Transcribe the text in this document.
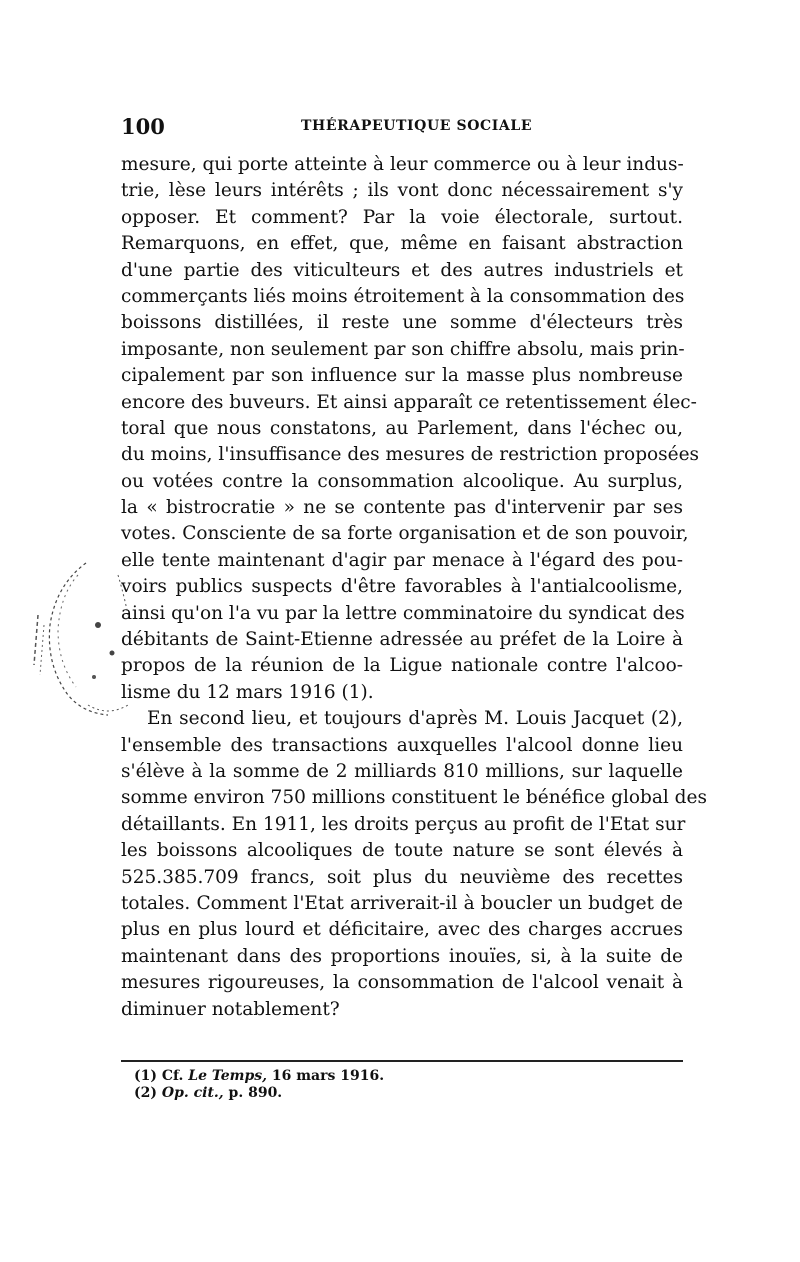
100	THÉRAPEUTIQUE SOCIALE
mesure, qui porte atteinte à leur commerce ou à leur indus-
trie, lèse leurs intérêts ; ils vont donc nécessairement s'y
opposer. Et comment? Par la voie électorale, surtout.
Remarquons, en effet, que, même en faisant abstraction
d'une partie des viticulteurs et des autres industriels et
commerçants liés moins étroitement à la consommation des
boissons distillées, il reste une somme d'électeurs très
imposante, non seulement par son chiffre absolu, mais prin-
cipalement par son influence sur la masse plus nombreuse
encore des buveurs. Et ainsi apparaît ce retentissement élec-
toral que nous constatons, au Parlement, dans l'échec ou,
du moins, l'insuffisance des mesures de restriction proposées
ou votées contre la consommation alcoolique. Au surplus,
la « bistrocratie » ne se contente pas d'intervenir par ses
votes. Consciente de sa forte organisation et de son pouvoir,
elle tente maintenant d'agir par menace à l'égard des pou-
voirs publics suspects d'être favorables à l'antialcoolisme,
ainsi qu'on l'a vu par la lettre comminatoire du syndicat des
débitants de Saint-Etienne adressée au préfet de la Loire à
propos de la réunion de la Ligue nationale contre l'alcoo-
lisme du 12 mars 1916 (1).
En second lieu, et toujours d'après M. Louis Jacquet (2),
l'ensemble des transactions auxquelles l'alcool donne lieu
s'élève à la somme de 2 milliards 810 millions, sur laquelle
somme environ 750 millions constituent le bénéfice global des
détaillants. En 1911, les droits perçus au profit de l'Etat sur
les boissons alcooliques de toute nature se sont élevés à
525.385.709 francs, soit plus du neuvième des recettes
totales. Comment l'Etat arriverait-il à boucler un budget de
plus en plus lourd et déficitaire, avec des charges accrues
maintenant dans des proportions inouïes, si, à la suite de
mesures rigoureuses, la consommation de l'alcool venait à
diminuer notablement?
(1) Cf. Le Temps, 16 mars 1916.
(2) Op. cit., p. 890.
